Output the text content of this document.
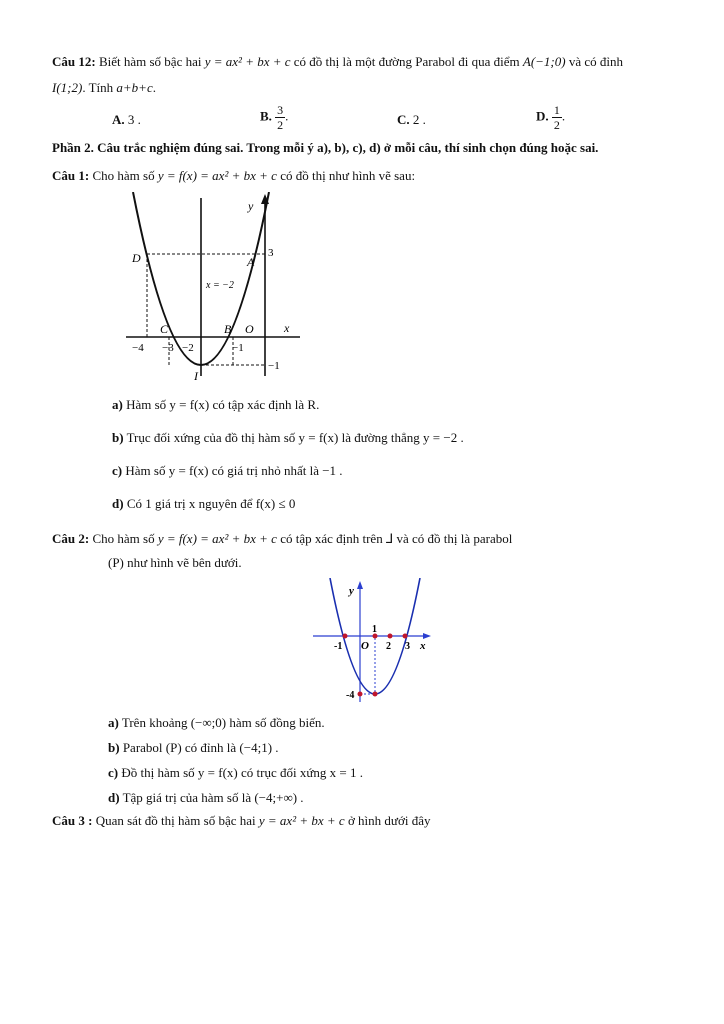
Câu 12: Biết hàm số bậc hai y = ax² + bx + c có đồ thị là một đường Parabol đi qua điểm A(−1;0) và có đỉnh
I(1;2). Tính a+b+c.
A. 3 .	B. $\frac{3}{2}$ .	C. 2 .	D. $\frac{1}{2}$ .
Phần 2. Câu trắc nghiệm đúng sai. Trong mỗi ý a), b), c), d) ở mỗi câu, thí sinh chọn đúng hoặc sai.
Câu 1: Cho hàm số y = f(x) = ax² + bx + c có đồ thị như hình vẽ sau:
y
x
D	A
3
x = −2
C	B O
−4 −3 −2	−1
−1
I
a) Hàm số y = f(x) có tập xác định là R.
b) Trục đối xứng của đồ thị hàm số y = f(x) là đường thẳng y = −2 .
c) Hàm số y = f(x) có giá trị nhỏ nhất là −1 .
d) Có 1 giá trị x nguyên để f(x) ≤ 0
Câu 2: Cho hàm số y = f(x) = ax² + bx + c có tập xác định trên ⅃ và có đồ thị là parabol
(P) như hình vẽ bên dưới.
y
x
-1 O
1
2 3
-4
a) Trên khoảng (−∞;0) hàm số đồng biến.
b) Parabol (P) có đỉnh là (−4;1) .
c) Đồ thị hàm số y = f(x) có trục đối xứng x = 1 .
d) Tập giá trị của hàm số là (−4;+∞) .
Câu 3 : Quan sát đồ thị hàm số bậc hai y = ax² + bx + c ở hình dưới đây
